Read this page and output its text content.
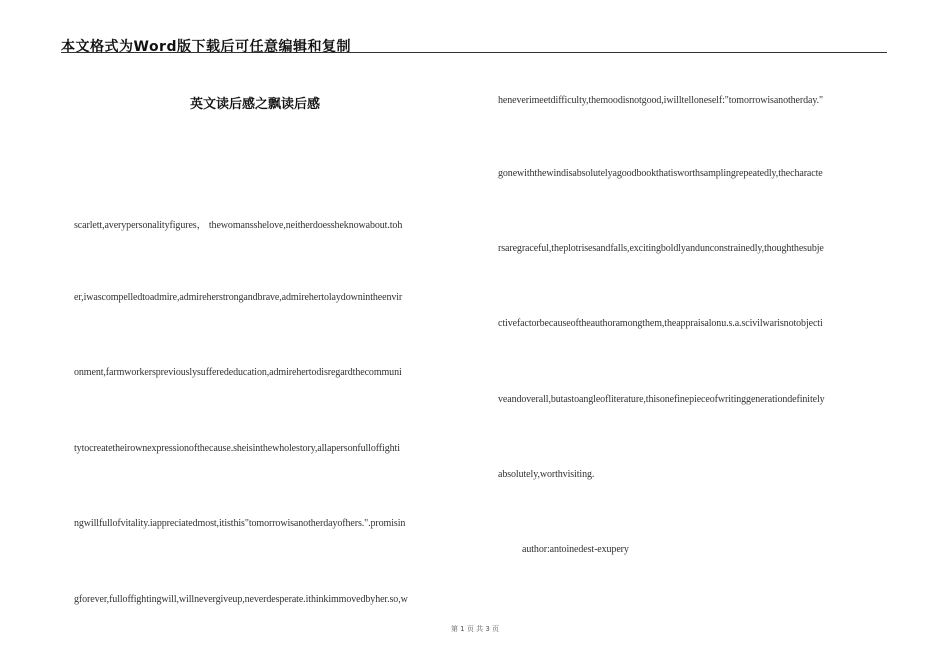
本文格式为Word版下载后可任意编辑和复制
英文读后感之飘读后感
scarlett,averypersonalityfigures， thewomansshelove,neitherdoessheknowabout.toh
er,iwascompelledtoadmire,admireherstrongandbrave,admirehertolaydownintheenvir
onment,farmworkerspreviouslysufferededucation,admirehertodisregardthecommuni
tytocreatetheirownexpressionofthecause.sheisinthewholestory,allapersonfulloffighti
ngwillfullofvitality.iappreciatedmost,itisthis"tomorrowisanotherdayofhers.".promisin
gforever,fulloffightingwill,willnevergiveup,neverdesperate.ithinkimmovedbyher.so,w
heneverimeetdifficulty,themoodisnotgood,iwilltelloneself:"tomorrowisanotherday."
gonewiththewindisabsolutelyagoodbookthatisworthsamplingrepeatedly,thecharacte
rsaregraceful,theplotrisesandfalls,excitingboldlyandunconstrainedly,thoughthesubje
ctivefactorbecauseoftheauthoramongthem,theappraisalonu.s.a.scivilwarisnotobjecti
veandoverall,butastoangleofliterature,thisonefinepieceofwritinggenerationdefinitely
absolutely,worthvisiting.
author:antoinedest-exupery
第 1 页 共 3 页
